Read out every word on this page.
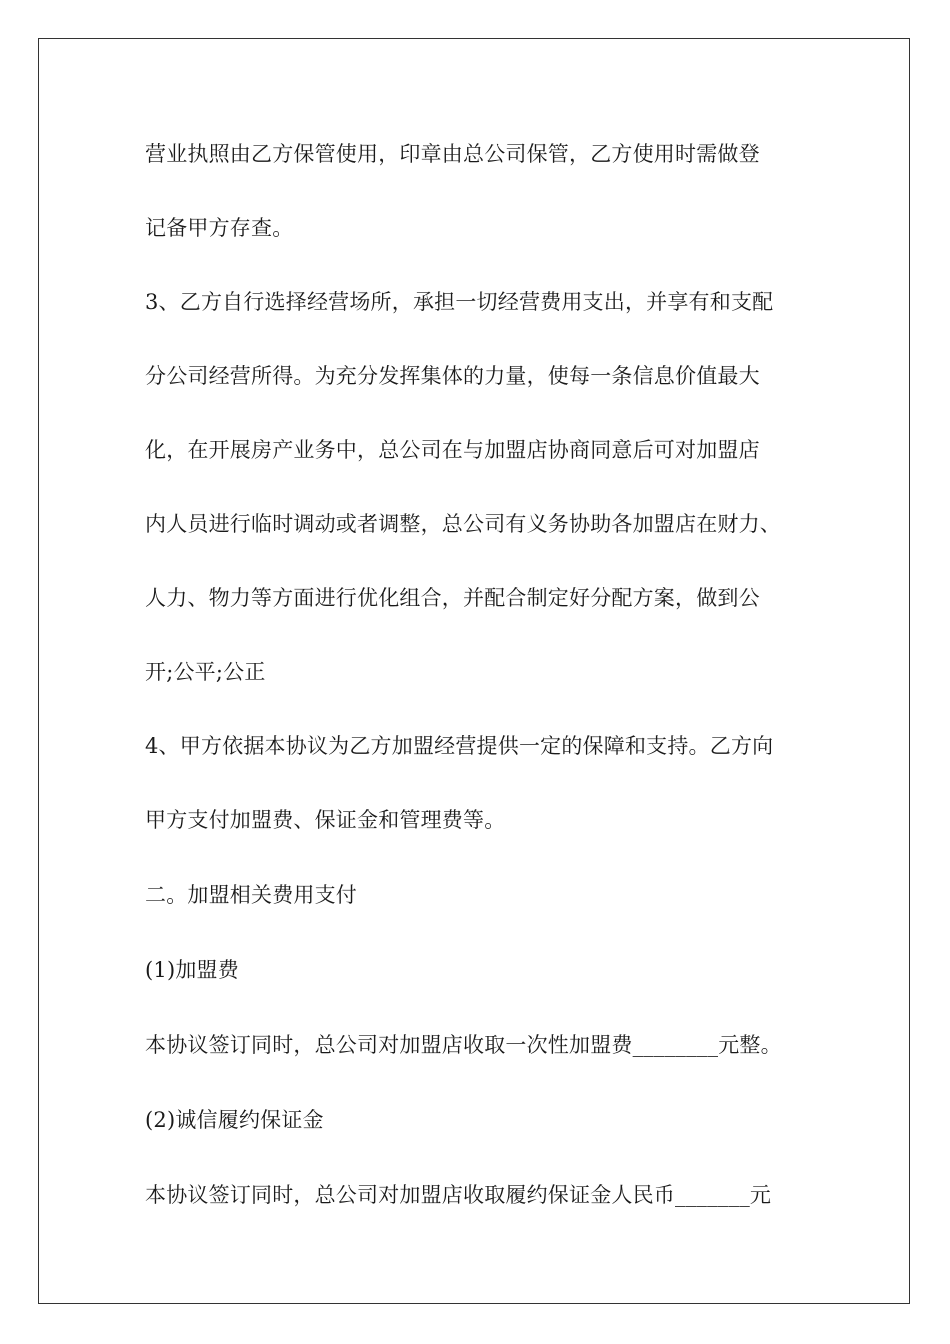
营业执照由乙方保管使用，印章由总公司保管，乙方使用时需做登
记备甲方存查。
3、乙方自行选择经营场所，承担一切经营费用支出，并享有和支配
分公司经营所得。为充分发挥集体的力量，使每一条信息价值最大
化，在开展房产业务中，总公司在与加盟店协商同意后可对加盟店
内人员进行临时调动或者调整，总公司有义务协助各加盟店在财力、
人力、物力等方面进行优化组合，并配合制定好分配方案，做到公
开;公平;公正
4、甲方依据本协议为乙方加盟经营提供一定的保障和支持。乙方向
甲方支付加盟费、保证金和管理费等。
二。加盟相关费用支付
(1)加盟费
本协议签订同时，总公司对加盟店收取一次性加盟费________元整。
(2)诚信履约保证金
本协议签订同时，总公司对加盟店收取履约保证金人民币_______元
